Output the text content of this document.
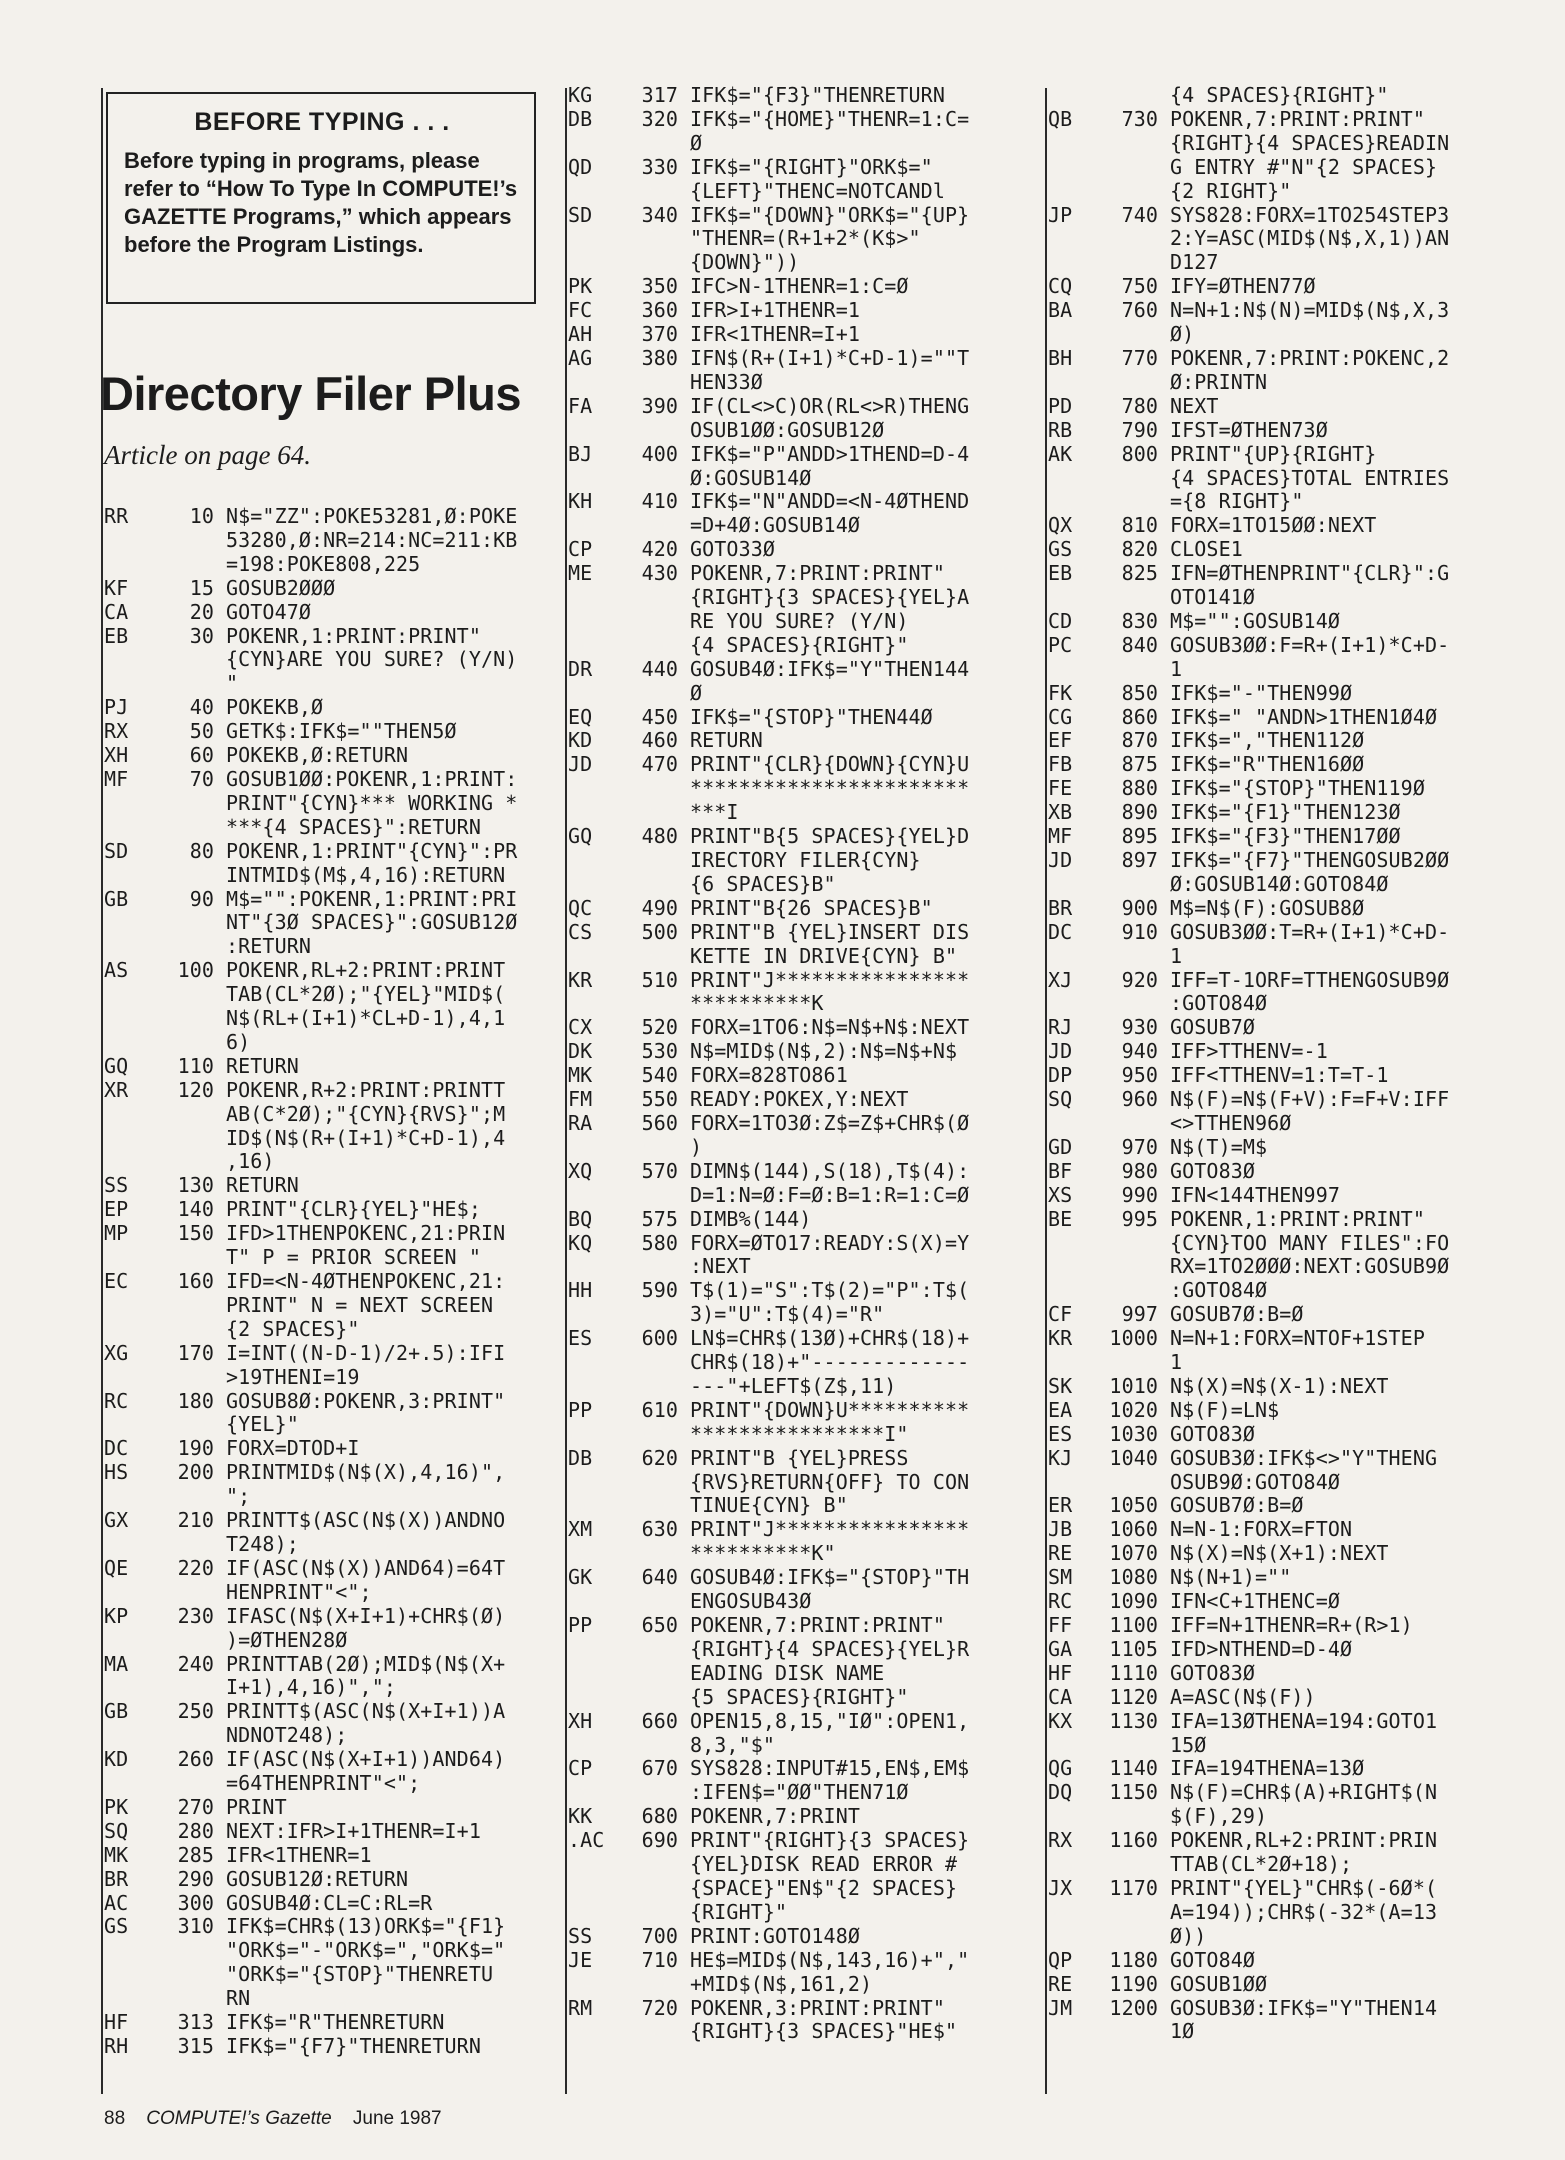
BEFORE TYPING . . .
Before typing in programs, please refer to “How To Type In COMPUTE!’s GAZETTE Programs,” which appears before the Program Listings.
Directory Filer Plus
Article on page 64.
RR	10 N$="ZZ":POKE53281,Ø:POKE
53280,Ø:NR=214:NC=211:KB
=198:POKE808,225
KF	15 GOSUB2ØØØ
CA	20 GOTO47Ø
EB	30 POKENR,1:PRINT:PRINT"
{CYN}ARE YOU SURE? (Y/N)
"
PJ	40 POKEKB,Ø
RX	50 GETK$:IFK$=""THEN5Ø
XH	60 POKEKB,Ø:RETURN
MF	70 GOSUB1ØØ:POKENR,1:PRINT:
PRINT"{CYN}*** WORKING *
***{4 SPACES}":RETURN
SD	80 POKENR,1:PRINT"{CYN}":PR
INTMID$(M$,4,16):RETURN
GB	90 M$="":POKENR,1:PRINT:PRI
NT"{3Ø SPACES}":GOSUB12Ø
:RETURN
AS	100 POKENR,RL+2:PRINT:PRINT
TAB(CL*2Ø);"{YEL}"MID$(
N$(RL+(I+1)*CL+D-1),4,1
6)
GQ	110 RETURN
XR	120 POKENR,R+2:PRINT:PRINTT
AB(C*2Ø);"{CYN}{RVS}";M
ID$(N$(R+(I+1)*C+D-1),4
,16)
SS	130 RETURN
EP	140 PRINT"{CLR}{YEL}"HE$;
MP	150 IFD>1THENPOKENC,21:PRIN
T" P = PRIOR SCREEN "
EC	160 IFD=<N-4ØTHENPOKENC,21:
PRINT" N = NEXT SCREEN
{2 SPACES}"
XG	170 I=INT((N-D-1)/2+.5):IFI
>19THENI=19
RC	180 GOSUB8Ø:POKENR,3:PRINT"
{YEL}"
DC	190 FORX=DTOD+I
HS	200 PRINTMID$(N$(X),4,16)",
";
GX	210 PRINTT$(ASC(N$(X))ANDNO
T248);
QE	220 IF(ASC(N$(X))AND64)=64T
HENPRINT"<";
KP	230 IFASC(N$(X+I+1)+CHR$(Ø)
)=ØTHEN28Ø
MA	240 PRINTTAB(2Ø);MID$(N$(X+
I+1),4,16)",";
GB	250 PRINTT$(ASC(N$(X+I+1))A
NDNOT248);
KD	260 IF(ASC(N$(X+I+1))AND64)
=64THENPRINT"<";
PK	270 PRINT
SQ	280 NEXT:IFR>I+1THENR=I+1
MK	285 IFR<1THENR=1
BR	290 GOSUB12Ø:RETURN
AC	300 GOSUB4Ø:CL=C:RL=R
GS	310 IFK$=CHR$(13)ORK$="{F1}
"ORK$="-"ORK$=","ORK$="
"ORK$="{STOP}"THENRETU
RN
HF	313 IFK$="R"THENRETURN
RH	315 IFK$="{F7}"THENRETURN
KG	317 IFK$="{F3}"THENRETURN
DB	320 IFK$="{HOME}"THENR=1:C=
Ø
QD	330 IFK$="{RIGHT}"ORK$="
{LEFT}"THENC=NOTCANDl
SD	340 IFK$="{DOWN}"ORK$="{UP}
"THENR=(R+1+2*(K$>"
{DOWN}"))
PK	350 IFC>N-1THENR=1:C=Ø
FC	360 IFR>I+1THENR=1
AH	370 IFR<1THENR=I+1
AG	380 IFN$(R+(I+1)*C+D-1)=""T
HEN33Ø
FA	390 IF(CL<>C)OR(RL<>R)THENG
OSUB1ØØ:GOSUB12Ø
BJ	400 IFK$="P"ANDD>1THEND=D-4
Ø:GOSUB14Ø
KH	410 IFK$="N"ANDD=<N-4ØTHEND
=D+4Ø:GOSUB14Ø
CP	420 GOTO33Ø
ME	430 POKENR,7:PRINT:PRINT"
{RIGHT}{3 SPACES}{YEL}A
RE YOU SURE? (Y/N)
{4 SPACES}{RIGHT}"
DR	440 GOSUB4Ø:IFK$="Y"THEN144
Ø
EQ	450 IFK$="{STOP}"THEN44Ø
KD	460 RETURN
JD	470 PRINT"{CLR}{DOWN}{CYN}U
***********************
***I
GQ	480 PRINT"B{5 SPACES}{YEL}D
IRECTORY FILER{CYN}
{6 SPACES}B"
QC	490 PRINT"B{26 SPACES}B"
CS	500 PRINT"B {YEL}INSERT DIS
KETTE IN DRIVE{CYN} B"
KR	510 PRINT"J****************
**********K
CX	520 FORX=1TO6:N$=N$+N$:NEXT
DK	530 N$=MID$(N$,2):N$=N$+N$
MK	540 FORX=828TO861
FM	550 READY:POKEX,Y:NEXT
RA	560 FORX=1TO3Ø:Z$=Z$+CHR$(Ø
)
XQ	570 DIMN$(144),S(18),T$(4):
D=1:N=Ø:F=Ø:B=1:R=1:C=Ø
BQ	575 DIMB%(144)
KQ	580 FORX=ØTO17:READY:S(X)=Y
:NEXT
HH	590 T$(1)="S":T$(2)="P":T$(
3)="U":T$(4)="R"
ES	600 LN$=CHR$(13Ø)+CHR$(18)+
CHR$(18)+"-------------
---"+LEFT$(Z$,11)
PP	610 PRINT"{DOWN}U**********
****************I"
DB	620 PRINT"B {YEL}PRESS
{RVS}RETURN{OFF} TO CON
TINUE{CYN} B"
XM	630 PRINT"J****************
**********K"
GK	640 GOSUB4Ø:IFK$="{STOP}"TH
ENGOSUB43Ø
PP	650 POKENR,7:PRINT:PRINT"
{RIGHT}{4 SPACES}{YEL}R
EADING DISK NAME
{5 SPACES}{RIGHT}"
XH	660 OPEN15,8,15,"IØ":OPEN1,
8,3,"$"
CP	670 SYS828:INPUT#15,EN$,EM$
:IFEN$="ØØ"THEN71Ø
KK	680 POKENR,7:PRINT
.AC	690 PRINT"{RIGHT}{3 SPACES}
{YEL}DISK READ ERROR #
{SPACE}"EN$"{2 SPACES}
{RIGHT}"
SS	700 PRINT:GOTO148Ø
JE	710 HE$=MID$(N$,143,16)+","
+MID$(N$,161,2)
RM	720 POKENR,3:PRINT:PRINT"
{RIGHT}{3 SPACES}"HE$"
{4 SPACES}{RIGHT}"
QB	730 POKENR,7:PRINT:PRINT"
{RIGHT}{4 SPACES}READIN
G ENTRY #"N"{2 SPACES}
{2 RIGHT}"
JP	740 SYS828:FORX=1TO254STEP3
2:Y=ASC(MID$(N$,X,1))AN
D127
CQ	750 IFY=ØTHEN77Ø
BA	760 N=N+1:N$(N)=MID$(N$,X,3
Ø)
BH	770 POKENR,7:PRINT:POKENC,2
Ø:PRINTN
PD	780 NEXT
RB	790 IFST=ØTHEN73Ø
AK	800 PRINT"{UP}{RIGHT}
{4 SPACES}TOTAL ENTRIES
={8 RIGHT}"
QX	810 FORX=1TO15ØØ:NEXT
GS	820 CLOSE1
EB	825 IFN=ØTHENPRINT"{CLR}":G
OTO141Ø
CD	830 M$="":GOSUB14Ø
PC	840 GOSUB3ØØ:F=R+(I+1)*C+D-
1
FK	850 IFK$="-"THEN99Ø
CG	860 IFK$=" "ANDN>1THEN1Ø4Ø
EF	870 IFK$=","THEN112Ø
FB	875 IFK$="R"THEN16ØØ
FE	880 IFK$="{STOP}"THEN119Ø
XB	890 IFK$="{F1}"THEN123Ø
MF	895 IFK$="{F3}"THEN17ØØ
JD	897 IFK$="{F7}"THENGOSUB2ØØ
Ø:GOSUB14Ø:GOTO84Ø
BR	900 M$=N$(F):GOSUB8Ø
DC	910 GOSUB3ØØ:T=R+(I+1)*C+D-
1
XJ	920 IFF=T-1ORF=TTHENGOSUB9Ø
:GOTO84Ø
RJ	930 GOSUB7Ø
JD	940 IFF>TTHENV=-1
DP	950 IFF<TTHENV=1:T=T-1
SQ	960 N$(F)=N$(F+V):F=F+V:IFF
<>TTHEN96Ø
GD	970 N$(T)=M$
BF	980 GOTO83Ø
XS	990 IFN<144THEN997
BE	995 POKENR,1:PRINT:PRINT"
{CYN}TOO MANY FILES":FO
RX=1TO2ØØØ:NEXT:GOSUB9Ø
:GOTO84Ø
CF	997 GOSUB7Ø:B=Ø
KR	1000 N=N+1:FORX=NTOF+1STEP
1
SK	1010 N$(X)=N$(X-1):NEXT
EA	1020 N$(F)=LN$
ES	1030 GOTO83Ø
KJ	1040 GOSUB3Ø:IFK$<>"Y"THENG
OSUB9Ø:GOTO84Ø
ER	1050 GOSUB7Ø:B=Ø
JB	1060 N=N-1:FORX=FTON
RE	1070 N$(X)=N$(X+1):NEXT
SM	1080 N$(N+1)=""
RC	1090 IFN<C+1THENC=Ø
FF	1100 IFF=N+1THENR=R+(R>1)
GA	1105 IFD>NTHEND=D-4Ø
HF	1110 GOTO83Ø
CA	1120 A=ASC(N$(F))
KX	1130 IFA=13ØTHENA=194:GOTO1
15Ø
QG	1140 IFA=194THENA=13Ø
DQ	1150 N$(F)=CHR$(A)+RIGHT$(N
$(F),29)
RX	1160 POKENR,RL+2:PRINT:PRIN
TTAB(CL*2Ø+18);
JX	1170 PRINT"{YEL}"CHR$(-6Ø*(
A=194));CHR$(-32*(A=13
Ø))
QP	1180 GOTO84Ø
RE	1190 GOSUB1ØØ
JM	1200 GOSUB3Ø:IFK$="Y"THEN14
1Ø
88 COMPUTE!’s Gazette June 1987
